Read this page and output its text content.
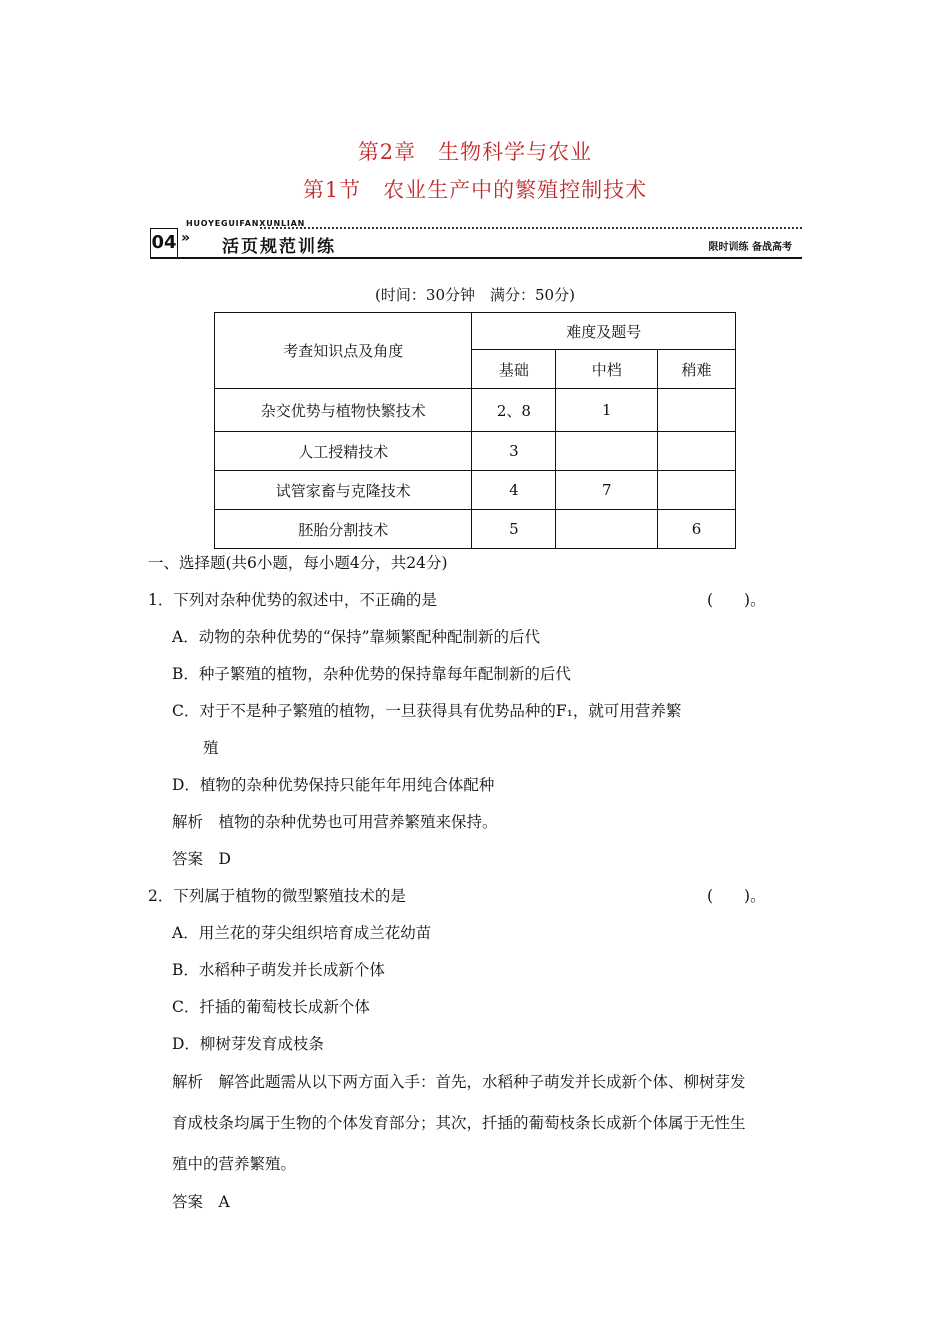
第2章　生物科学与农业
第1节　农业生产中的繁殖控制技术
HUOYEGUIFANXUNLIAN
04 » 活页规范训练	限时训练 备战高考
(时间：30分钟　满分：50分)
考查知识点及角度	难度及题号		
	基础	中档	稍难
杂交优势与植物快繁技术	2、8	1	
人工授精技术	3		
试管家畜与克隆技术	4	7	
胚胎分割技术	5		6
一、选择题(共6小题，每小题4分，共24分)
1．下列对杂种优势的叙述中，不正确的是	(　　)。
A．动物的杂种优势的“保持”靠频繁配种配制新的后代
B．种子繁殖的植物，杂种优势的保持靠每年配制新的后代
C．对于不是种子繁殖的植物，一旦获得具有优势品种的F₁，就可用营养繁
殖
D．植物的杂种优势保持只能年年用纯合体配种
解析　植物的杂种优势也可用营养繁殖来保持。
答案　D
2．下列属于植物的微型繁殖技术的是	(　　)。
A．用兰花的芽尖组织培育成兰花幼苗
B．水稻种子萌发并长成新个体
C．扦插的葡萄枝长成新个体
D．柳树芽发育成枝条
解析　解答此题需从以下两方面入手：首先，水稻种子萌发并长成新个体、柳树芽发
育成枝条均属于生物的个体发育部分；其次，扦插的葡萄枝条长成新个体属于无性生
殖中的营养繁殖。
答案　A
